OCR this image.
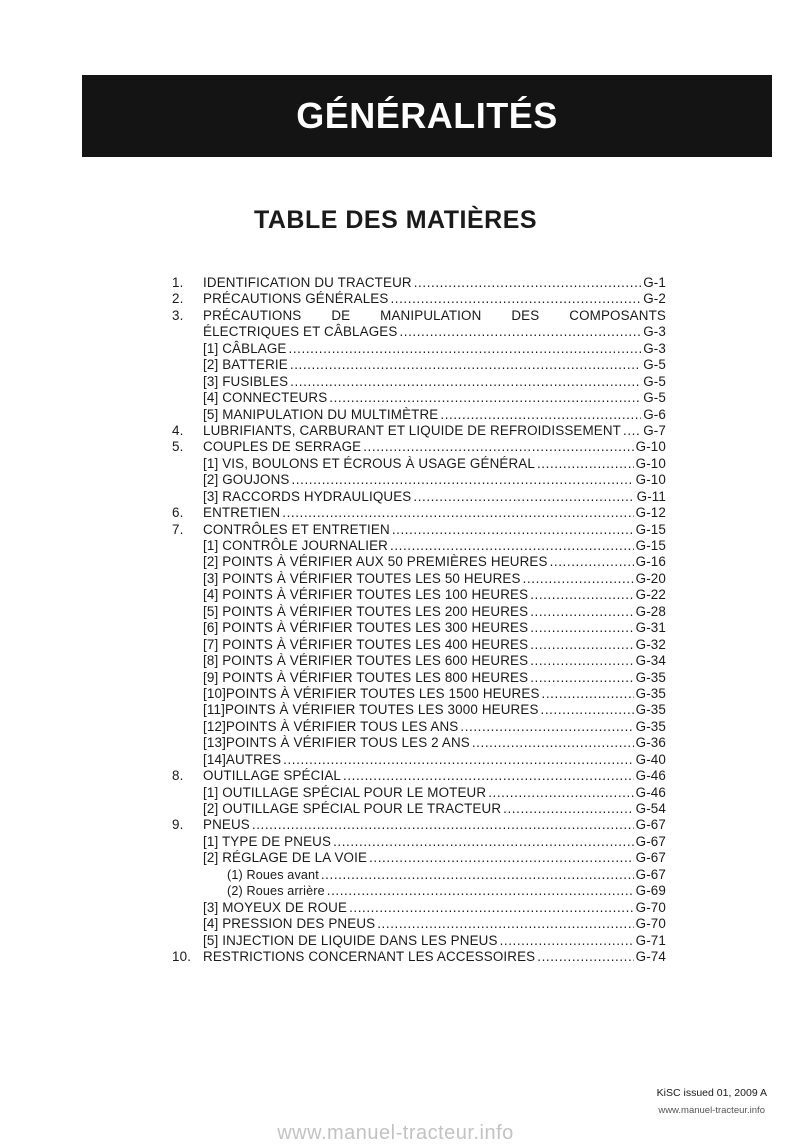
GÉNÉRALITÉS
TABLE DES MATIÈRES
1.	IDENTIFICATION DU TRACTEUR .....	G-1
2.	PRÉCAUTIONS GÉNÉRALES .....	G-2
3.	PRÉCAUTIONS DE MANIPULATION DES COMPOSANTS
ÉLECTRIQUES ET CÂBLAGES .....	G-3
[1] CÂBLAGE .....	G-3
[2] BATTERIE .....	G-5
[3] FUSIBLES .....	G-5
[4] CONNECTEURS .....	G-5
[5] MANIPULATION DU MULTIMÈTRE .....	G-6
4.	LUBRIFIANTS, CARBURANT ET LIQUIDE DE REFROIDISSEMENT ..... G-7
5.	COUPLES DE SERRAGE .....	G-10
[1] VIS, BOULONS ET ÉCROUS À USAGE GÉNÉRAL .....	G-10
[2] GOUJONS .....	G-10
[3] RACCORDS HYDRAULIQUES .....	G-11
6.	ENTRETIEN .....	G-12
7.	CONTRÔLES ET ENTRETIEN .....	G-15
[1] CONTRÔLE JOURNALIER .....	G-15
[2] POINTS À VÉRIFIER AUX 50 PREMIÈRES HEURES .....	G-16
[3] POINTS À VÉRIFIER TOUTES LES 50 HEURES .....	G-20
[4] POINTS À VÉRIFIER TOUTES LES 100 HEURES .....	G-22
[5] POINTS À VÉRIFIER TOUTES LES 200 HEURES .....	G-28
[6] POINTS À VÉRIFIER TOUTES LES 300 HEURES .....	G-31
[7] POINTS À VÉRIFIER TOUTES LES 400 HEURES .....	G-32
[8] POINTS À VÉRIFIER TOUTES LES 600 HEURES .....	G-34
[9] POINTS À VÉRIFIER TOUTES LES 800 HEURES .....	G-35
[10]POINTS À VÉRIFIER TOUTES LES 1500 HEURES .....	G-35
[11]POINTS À VÉRIFIER TOUTES LES 3000 HEURES .....	G-35
[12]POINTS À VÉRIFIER TOUS LES ANS .....	G-35
[13]POINTS À VÉRIFIER TOUS LES 2 ANS .....	G-36
[14]AUTRES .....	G-40
8.	OUTILLAGE SPÉCIAL .....	G-46
[1] OUTILLAGE SPÉCIAL POUR LE MOTEUR .....	G-46
[2] OUTILLAGE SPÉCIAL POUR LE TRACTEUR .....	G-54
9.	PNEUS .....	G-67
[1] TYPE DE PNEUS .....	G-67
[2] RÉGLAGE DE LA VOIE .....	G-67
(1) Roues avant .....	G-67
(2) Roues arrière .....	G-69
[3] MOYEUX DE ROUE .....	G-70
[4] PRESSION DES PNEUS .....	G-70
[5] INJECTION DE LIQUIDE DANS LES PNEUS .....	G-71
10. RESTRICTIONS CONCERNANT LES ACCESSOIRES .....	G-74
KiSC issued 01, 2009 A
www.manuel-tracteur.info
www.manuel-tracteur.info
